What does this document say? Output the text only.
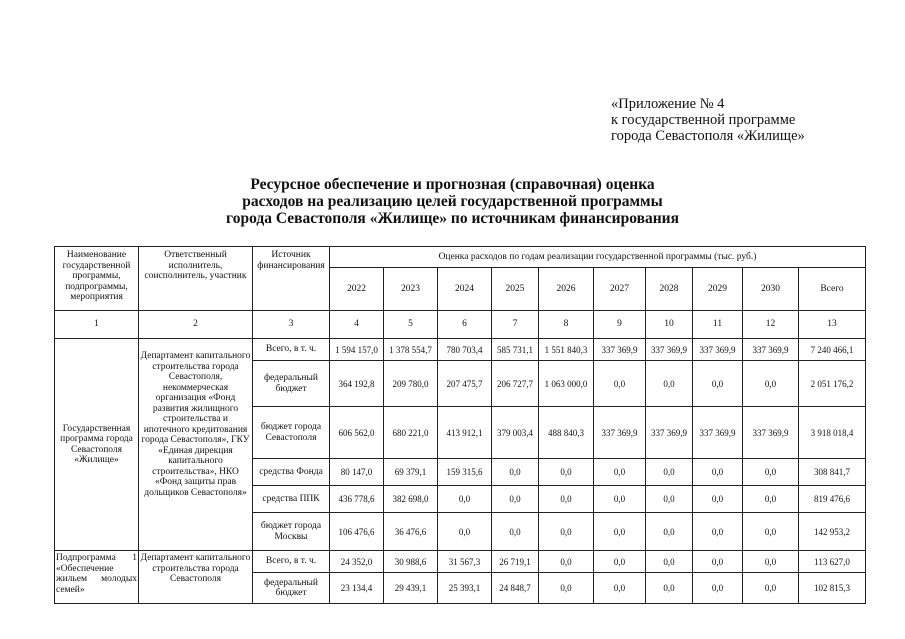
«Приложение № 4
к государственной программе
города Севастополя «Жилище»
Ресурсное обеспечение и прогнозная (справочная) оценка
расходов на реализацию целей государственной программы
города Севастополя «Жилище» по источникам финансирования
Наименование государственной программы, подпрограммы, мероприятия	Ответственный исполнитель, соисполнитель, участник	Источник финансирования	Оценка расходов по годам реализации государственной программы (тыс. руб.)									
			2022	2023	2024	2025	2026	2027	2028	2029	2030	Всего
1	2	3	4	5	6	7	8	9	10	11	12	13
Государственная программа города Севастополя «Жилище»	Департамент капитального строительства города Севастополя, некоммерческая организация «Фонд развития жилищного строительства и ипотечного кредитования города Севастополя», ГКУ «Единая дирекция капитального строительства», НКО «Фонд защиты прав дольщиков Севастополя»	Всего, в т. ч.	1 594 157,0	1 378 554,7	780 703,4	585 731,1	1 551 840,3	337 369,9	337 369,9	337 369,9	337 369,9	7 240 466,1
		федеральный бюджет	364 192,8	209 780,0	207 475,7	206 727,7	1 063 000,0	0,0	0,0	0,0	0,0	2 051 176,2
		бюджет города Севастополя	606 562,0	680 221,0	413 912,1	379 003,4	488 840,3	337 369,9	337 369,9	337 369,9	337 369,9	3 918 018,4
		средства Фонда	80 147,0	69 379,1	159 315,6	0,0	0,0	0,0	0,0	0,0	0,0	308 841,7
		средства ППК	436 778,6	382 698,0	0,0	0,0	0,0	0,0	0,0	0,0	0,0	819 476,6
		бюджет города Москвы	106 476,6	36 476,6	0,0	0,0	0,0	0,0	0,0	0,0	0,0	142 953,2
Подпрограмма 1 «Обеспечение жильем молодых семей»	Департамент капитального строительства города Севастополя	Всего, в т. ч.	24 352,0	30 988,6	31 567,3	26 719,1	0,0	0,0	0,0	0,0	0,0	113 627,0
		федеральный бюджет	23 134,4	29 439,1	25 393,1	24 848,7	0,0	0,0	0,0	0,0	0,0	102 815,3
